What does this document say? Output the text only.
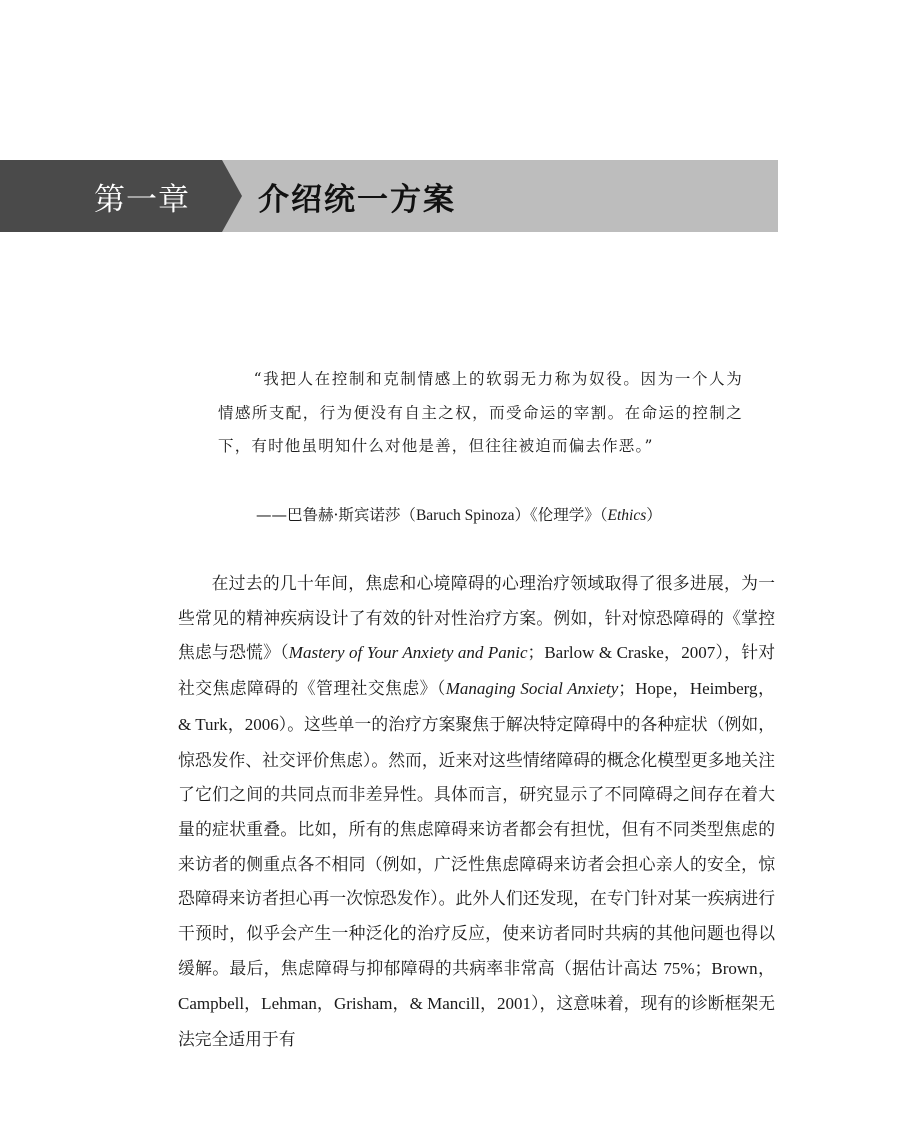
第一章	介绍统一方案

“我把人在控制和克制情感上的软弱无力称为奴役。因为一个人为情感所支配，行为便没有自主之权，而受命运的宰割。在命运的控制之下，有时他虽明知什么对他是善，但往往被迫而偏去作恶。”

——巴鲁赫·斯宾诺莎（Baruch Spinoza）《伦理学》（Ethics）

在过去的几十年间，焦虑和心境障碍的心理治疗领域取得了很多进展，为一些常见的精神疾病设计了有效的针对性治疗方案。例如，针对惊恐障碍的《掌控焦虑与恐慌》（Mastery of Your Anxiety and Panic；Barlow & Craske，2007），针对社交焦虑障碍的《管理社交焦虑》（Managing Social Anxiety；Hope，Heimberg，& Turk，2006）。这些单一的治疗方案聚焦于解决特定障碍中的各种症状（例如，惊恐发作、社交评价焦虑）。然而，近来对这些情绪障碍的概念化模型更多地关注了它们之间的共同点而非差异性。具体而言，研究显示了不同障碍之间存在着大量的症状重叠。比如，所有的焦虑障碍来访者都会有担忧，但有不同类型焦虑的来访者的侧重点各不相同（例如，广泛性焦虑障碍来访者会担心亲人的安全，惊恐障碍来访者担心再一次惊恐发作）。此外人们还发现，在专门针对某一疾病进行干预时，似乎会产生一种泛化的治疗反应，使来访者同时共病的其他问题也得以缓解。最后，焦虑障碍与抑郁障碍的共病率非常高（据估计高达 75%；Brown，Campbell，Lehman，Grisham，& Mancill，2001），这意味着，现有的诊断框架无法完全适用于有
